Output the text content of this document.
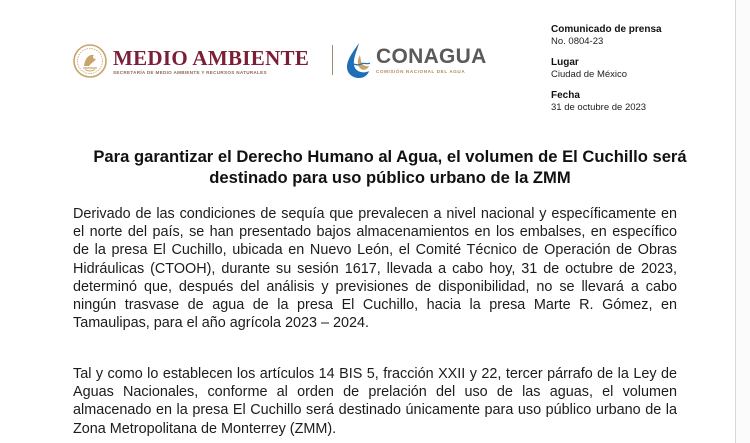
MEDIO AMBIENTE
SECRETARÍA DE MEDIO AMBIENTE Y RECURSOS NATURALES
CONAGUA
COMISIÓN NACIONAL DEL AGUA
Comunicado de prensa
No. 0804-23
Lugar
Ciudad de México
Fecha
31 de octubre de 2023
Para garantizar el Derecho Humano al Agua, el volumen de El Cuchillo será destinado para uso público urbano de la ZMM
Derivado de las condiciones de sequía que prevalecen a nivel nacional y específicamente en el norte del país, se han presentado bajos almacenamientos en los embalses, en específico de la presa El Cuchillo, ubicada en Nuevo León, el Comité Técnico de Operación de Obras Hidráulicas (CTOOH), durante su sesión 1617, llevada a cabo hoy, 31 de octubre de 2023, determinó que, después del análisis y previsiones de disponibilidad, no se llevará a cabo ningún trasvase de agua de la presa El Cuchillo, hacia la presa Marte R. Gómez, en Tamaulipas, para el año agrícola 2023 – 2024.
Tal y como lo establecen los artículos 14 BIS 5, fracción XXII y 22, tercer párrafo de la Ley de Aguas Nacionales, conforme al orden de prelación del uso de las aguas, el volumen almacenado en la presa El Cuchillo será destinado únicamente para uso público urbano de la Zona Metropolitana de Monterrey (ZMM).
